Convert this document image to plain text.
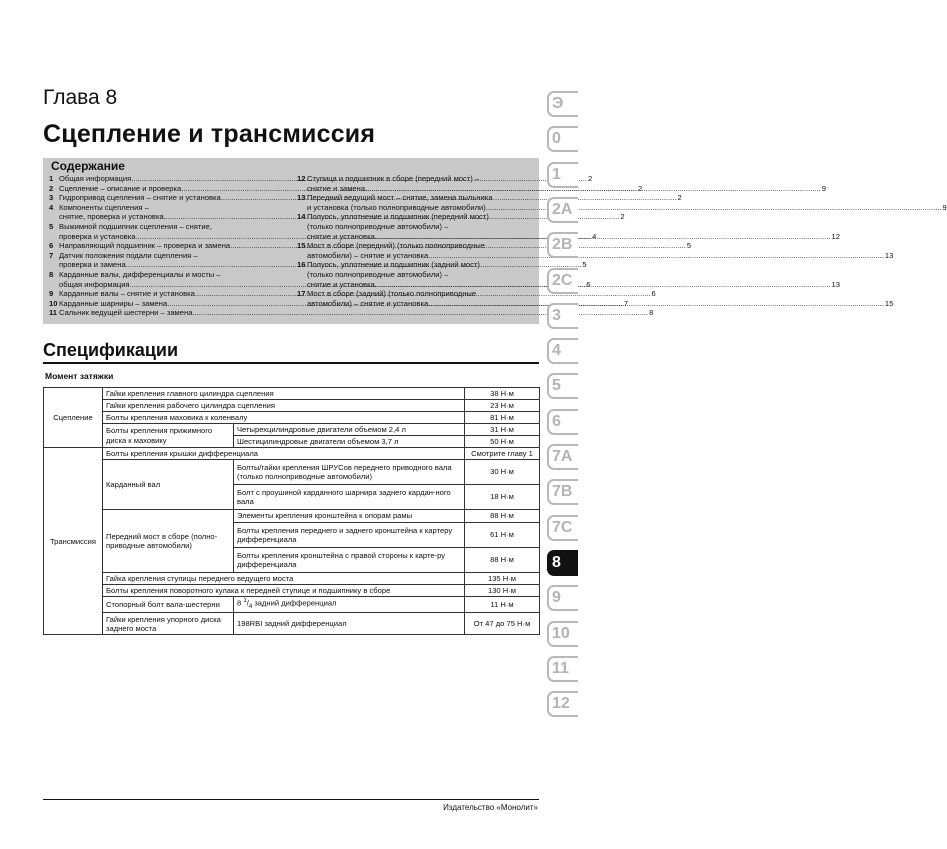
Глава 8
Сцепление и трансмиссия
Содержание
1 Общая информация .....	2
2 Сцепление – описание и проверка .....	2
3 Гидропривод сцепления – снятие и установка .....	2
4 Компоненты сцепления –
снятие, проверка и установка .....	2
5 Выжимной подшипник сцепления – снятие,
проверка и установка .....	4
6 Направляющий подшипник – проверка и замена .....	5
7 Датчик положения подали сцепления –
проверка и замена .....	5
8 Карданные валы, дифференциалы и мосты –
общая информация .....	6
9 Карданные валы – снятие и установка .....	6
10 Карданные шарниры – замена .....	7
11 Сальник ведущей шестерни – замена .....	8
12 Ступица и подшипник в сборе (передний мост) –
снятие и замена .....	9
13 Передний ведущий мост – снятие, замена пыльника
и установка (только полноприводные автомобили) .....	9
14 Полуось, уплотнение и подшипник (передний мост)
(только полноприводные автомобили) –
снятие и установка .....	12
15 Мост в сборе (передний) (только полноприводные
автомобили) – снятие и установка .....	13
16 Полуось, уплотнение и подшипник (задний мост)
(только полноприводные автомобили) –
снятие и установка .....	13
17 Мост в сборе (задний) (только полноприводные
автомобили) – снятие и установка .....	15
Спецификации
Момент затяжки
Сцепление	Гайки крепления главного цилиндра сцепления		38 Н·м
	Гайки крепления рабочего цилиндра сцепления		23 Н·м
	Болты крепления маховика к коленвалу		81 Н·м
	Болты крепления прижимного диска к маховику	Четырехцилиндровые двигатели объемом 2,4 л	31 Н·м
		Шестицилиндровые двигатели объемом 3,7 л	50 Н·м
Трансмиссия	Болты крепления крышки дифференциала		Смотрите главу 1
	Карданный вал	Болты/гайки крепления ШРУСов переднего приводного вала (только полноприводные автомобили)	30 Н·м
		Болт с проушиной карданного шарнира заднего кардан-ного вала	18 Н·м
	Передний мост в сборе (полно-приводные автомобили)	Элементы крепления кронштейна к опорам рамы	88 Н·м
		Болты крепления переднего и заднего кронштейна к картеру дифференциала	61 Н·м
		Болты крепления кронштейна с правой стороны к карте-ру дифференциала	88 Н·м
	Гайка крепления ступицы переднего ведущего моста		135 Н·м
	Болты крепления поворотного кулака к передней ступице и подшипнику в сборе		130 Н·м
	Стопорный болт вала-шестерни	8 $^1/_4$ задний дифференциал	11 Н·м
	Гайки крепления упорного диска заднего моста	198RBI задний дифференциал	От 47 до 75 Н·м
Э
0
1
2A
2B
2C
3
4
5
6
7A
7B
7C
8
9
10
11
12
Издательство «Монолит»
